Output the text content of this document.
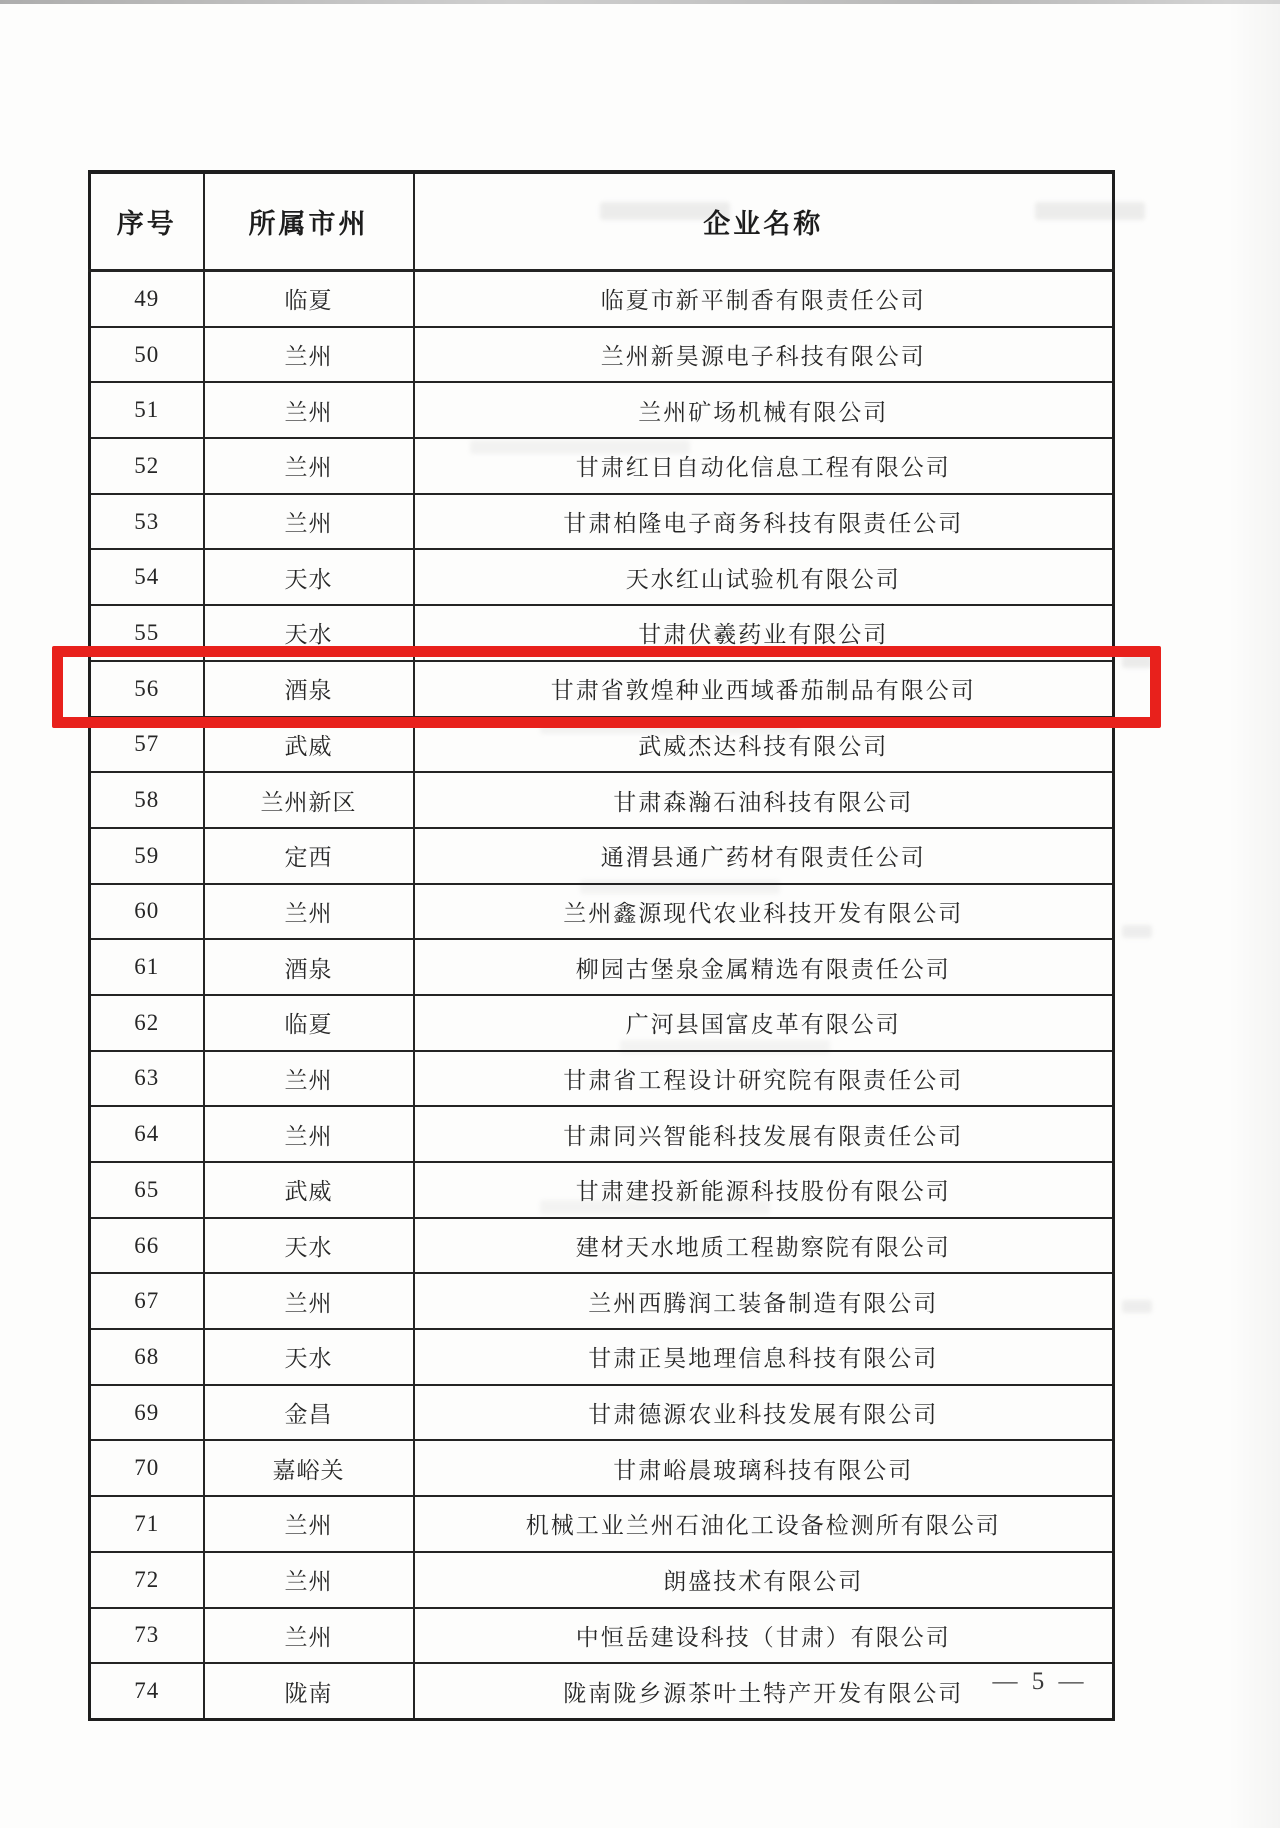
序号	所属市州	企业名称
49	临夏	临夏市新平制香有限责任公司
50	兰州	兰州新昊源电子科技有限公司
51	兰州	兰州矿场机械有限公司
52	兰州	甘肃红日自动化信息工程有限公司
53	兰州	甘肃柏隆电子商务科技有限责任公司
54	天水	天水红山试验机有限公司
55	天水	甘肃伏羲药业有限公司
56	酒泉	甘肃省敦煌种业西域番茄制品有限公司
57	武威	武威杰达科技有限公司
58	兰州新区	甘肃森瀚石油科技有限公司
59	定西	通渭县通广药材有限责任公司
60	兰州	兰州鑫源现代农业科技开发有限公司
61	酒泉	柳园古堡泉金属精选有限责任公司
62	临夏	广河县国富皮革有限公司
63	兰州	甘肃省工程设计研究院有限责任公司
64	兰州	甘肃同兴智能科技发展有限责任公司
65	武威	甘肃建投新能源科技股份有限公司
66	天水	建材天水地质工程勘察院有限公司
67	兰州	兰州西腾润工装备制造有限公司
68	天水	甘肃正昊地理信息科技有限公司
69	金昌	甘肃德源农业科技发展有限公司
70	嘉峪关	甘肃峪晨玻璃科技有限公司
71	兰州	机械工业兰州石油化工设备检测所有限公司
72	兰州	朗盛技术有限公司
73	兰州	中恒岳建设科技（甘肃）有限公司
74	陇南	陇南陇乡源茶叶土特产开发有限公司	— 5 —
